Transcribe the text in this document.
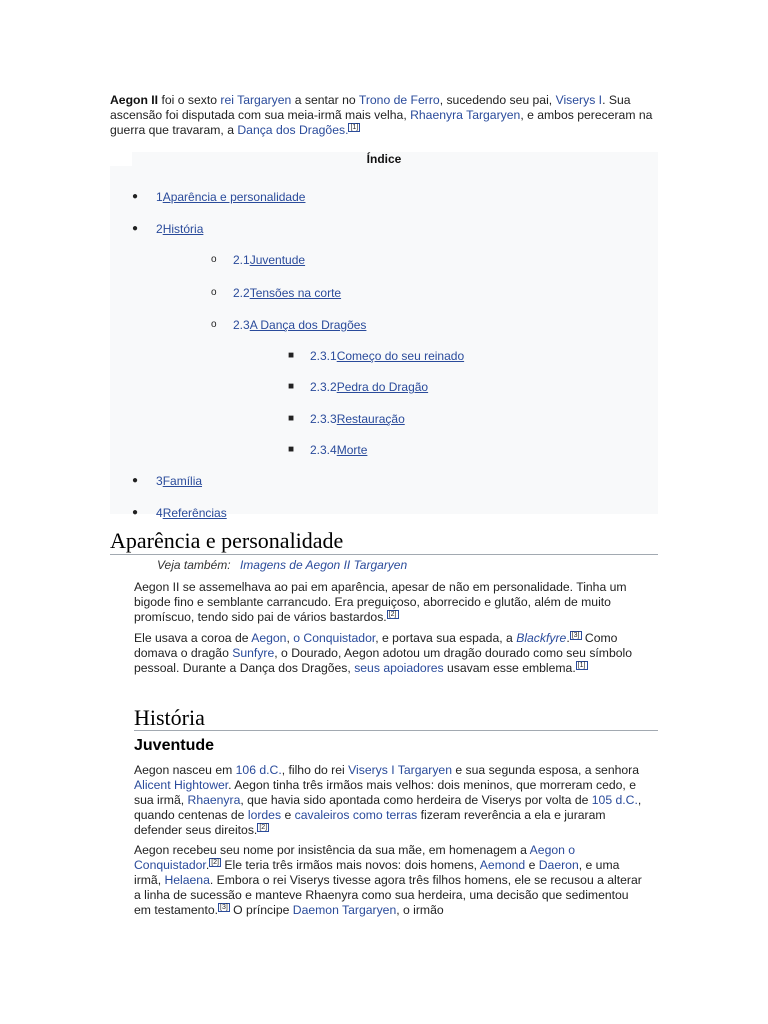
Aegon II foi o sexto rei Targaryen a sentar no Trono de Ferro, sucedendo seu pai, Viserys I. Sua ascensão foi disputada com sua meia-irmã mais velha, Rhaenyra Targaryen, e ambos pereceram na guerra que travaram, a Dança dos Dragões. [1]
Índice
● 1Aparência e personalidade
● 2História
o 2.1Juventude
o 2.2Tensões na corte
o 2.3A Dança dos Dragões
■ 2.3.1Começo do seu reinado
■ 2.3.2Pedra do Dragão
■ 2.3.3Restauração
■ 2.3.4Morte
● 3Família
● 4Referências
Aparência e personalidade
Veja também: Imagens de Aegon II Targaryen

Aegon II se assemelhava ao pai em aparência, apesar de não em personalidade. Tinha um bigode fino e semblante carrancudo. Era preguiçoso, aborrecido e glutão, além de muito promíscuo, tendo sido pai de vários bastardos. [2]

Ele usava a coroa de Aegon, o Conquistador, e portava sua espada, a Blackfyre. [3] Como domava o dragão Sunfyre, o Dourado, Aegon adotou um dragão dourado como seu símbolo pessoal. Durante a Dança dos Dragões, seus apoiadores usavam esse emblema. [1]

História
Juventude

Aegon nasceu em 106 d.C., filho do rei Viserys I Targaryen e sua segunda esposa, a senhora Alicent Hightower. Aegon tinha três irmãos mais velhos: dois meninos, que morreram cedo, e sua irmã, Rhaenyra, que havia sido apontada como herdeira de Viserys por volta de 105 d.C., quando centenas de lordes e cavaleiros como terras fizeram reverência a ela e juraram defender seus direitos. [2]

Aegon recebeu seu nome por insistência da sua mãe, em homenagem a Aegon o Conquistador. [2] Ele teria três irmãos mais novos: dois homens, Aemond e Daeron, e uma irmã, Helaena. Embora o rei Viserys tivesse agora três filhos homens, ele se recusou a alterar a linha de sucessão e manteve Rhaenyra como sua herdeira, uma decisão que sedimentou em testamento. [3] O príncipe Daemon Targaryen, o irmão
